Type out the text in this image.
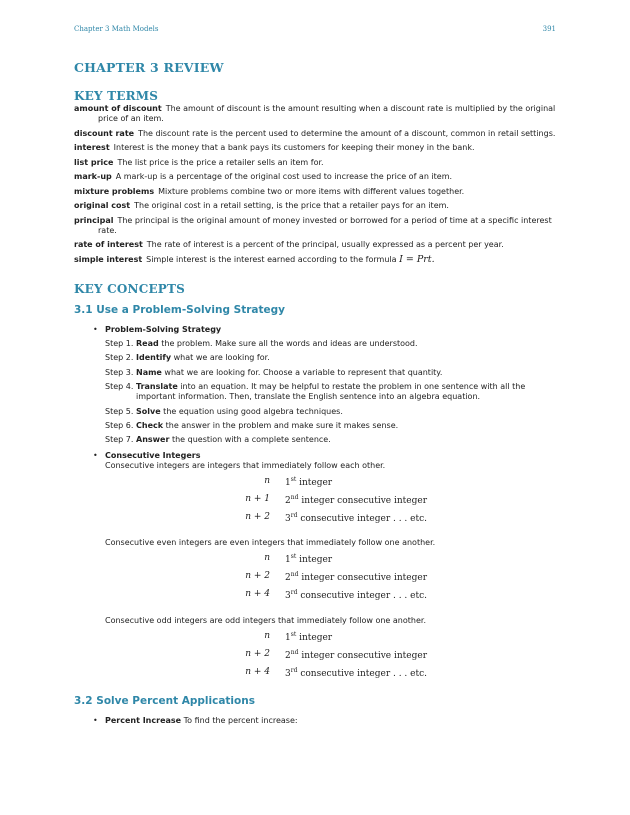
Chapter 3 Math Models	391
CHAPTER 3 REVIEW
KEY TERMS
amount of discount The amount of discount is the amount resulting when a discount rate is multiplied by the original price of an item.
discount rate The discount rate is the percent used to determine the amount of a discount, common in retail settings.
interest Interest is the money that a bank pays its customers for keeping their money in the bank.
list price The list price is the price a retailer sells an item for.
mark-up A mark-up is a percentage of the original cost used to increase the price of an item.
mixture problems Mixture problems combine two or more items with different values together.
original cost The original cost in a retail setting, is the price that a retailer pays for an item.
principal The principal is the original amount of money invested or borrowed for a period of time at a specific interest rate.
rate of interest The rate of interest is a percent of the principal, usually expressed as a percent per year.
simple interest Simple interest is the interest earned according to the formula I = Prt.
KEY CONCEPTS
3.1 Use a Problem-Solving Strategy
• Problem-Solving Strategy
Step 1. Read the problem. Make sure all the words and ideas are understood.
Step 2. Identify what we are looking for.
Step 3. Name what we are looking for. Choose a variable to represent that quantity.
Step 4. Translate into an equation. It may be helpful to restate the problem in one sentence with all the important information. Then, translate the English sentence into an algebra equation.
Step 5. Solve the equation using good algebra techniques.
Step 6. Check the answer in the problem and make sure it makes sense.
Step 7. Answer the question with a complete sentence.
• Consecutive Integers
Consecutive integers are integers that immediately follow each other.
n 1st integer
n + 1 2nd integer consecutive integer
n + 2 3rd consecutive integer . . . etc.
Consecutive even integers are even integers that immediately follow one another.
n 1st integer
n + 2 2nd integer consecutive integer
n + 4 3rd consecutive integer . . . etc.
Consecutive odd integers are odd integers that immediately follow one another.
n 1st integer
n + 2 2nd integer consecutive integer
n + 4 3rd consecutive integer . . . etc.
3.2 Solve Percent Applications
• Percent Increase To find the percent increase:
